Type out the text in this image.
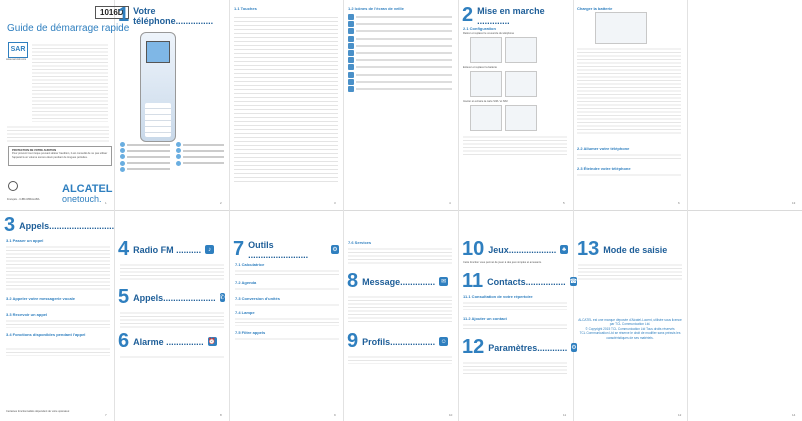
1016D
Guide de démarrage rapide
SAR
www.sar-tick.com
PROTECTION DE VOTRE AUDITION
Pour prévenir tout risque pouvant altérer l'audition, il est conseillé de ne pas utiliser l'appareil à un volume sonore élevé pendant de longues périodes.
ALCATEL
onetouch.
Français - CJB1C8MALABA
1
1 Votre téléphone...............
2
1.1 Touches
3
1.2 Icônes de l'écran de veille
4
2 Mise en marche .............
2.1 Configuration
Retirer et replacer le couvercle du téléphone
Enlever et replacer la batterie
Insérer et extraire la carte SIM / et SIM
5
Charger la batterie
2.2 Allumer votre téléphone
2.3 Éteindre votre téléphone
6
3 Appels..........................
3.1 Passer un appel
3.2 Appeler votre messagerie vocale
3.3 Recevoir un appel
3.4 Fonctions disponibles pendant l'appel
Certaines fonctionnalités dépendent de votre opérateur.
7
4 Radio FM ..........	♪
5 Appels..................... ✆
6 Alarme ............... ⏰
8
7 Outils ........................	⚙
7.1 Calculatrice
7.2 Agenda
7.3 Conversion d'unités
7.4 Lampe
7.5 Filtre appels
9
7.6 Services
8 Message.............. ✉
9 Profils.................. ☺
10
10 Jeux................... ♣
Cette fonction vous permet de jouer à des jeux simples et amusants.
11 Contacts................ ☎
11.1 Consultation de votre répertoire
11.2 Ajouter un contact
12 Paramètres............ ⚙
11
13 Mode de saisie
ALCATEL est une marque déposée d'Alcatel-Lucent, utilisée sous licence par TCL Communication Ltd.
© Copyright 2015 TCL Communication Ltd Tous droits réservés
TCL Communication Ltd se réserve le droit de modifier sans préavis les caractéristiques de ses matériels.
12
13
14
